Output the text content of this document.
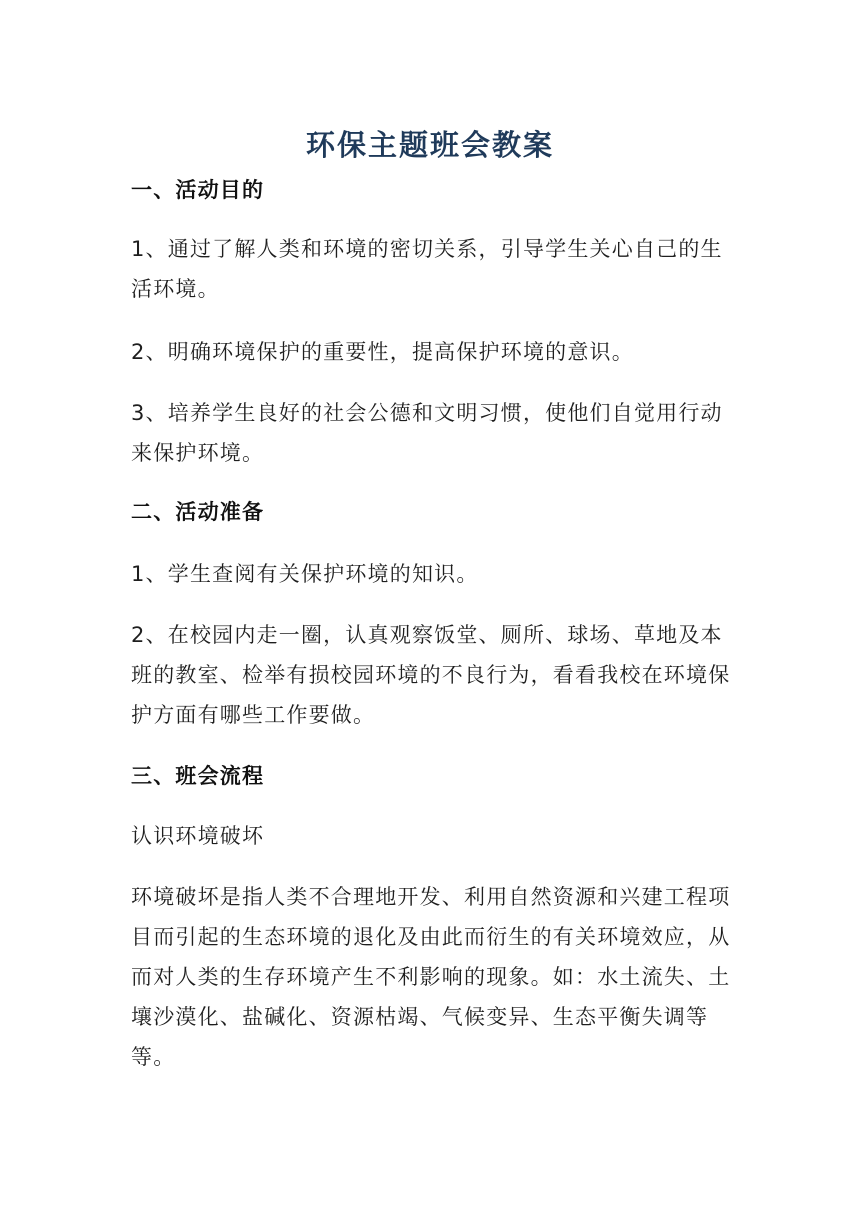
环保主题班会教案
一、活动目的

1、通过了解人类和环境的密切关系，引导学生关心自己的生活环境。

2、明确环境保护的重要性，提高保护环境的意识。

3、培养学生良好的社会公德和文明习惯，使他们自觉用行动来保护环境。

二、活动准备

1、学生查阅有关保护环境的知识。

2、在校园内走一圈，认真观察饭堂、厕所、球场、草地及本班的教室、检举有损校园环境的不良行为，看看我校在环境保护方面有哪些工作要做。

三、班会流程

认识环境破坏

环境破坏是指人类不合理地开发、利用自然资源和兴建工程项目而引起的生态环境的退化及由此而衍生的有关环境效应，从而对人类的生存环境产生不利影响的现象。如：水土流失、土壤沙漠化、盐碱化、资源枯竭、气候变异、生态平衡失调等等。
